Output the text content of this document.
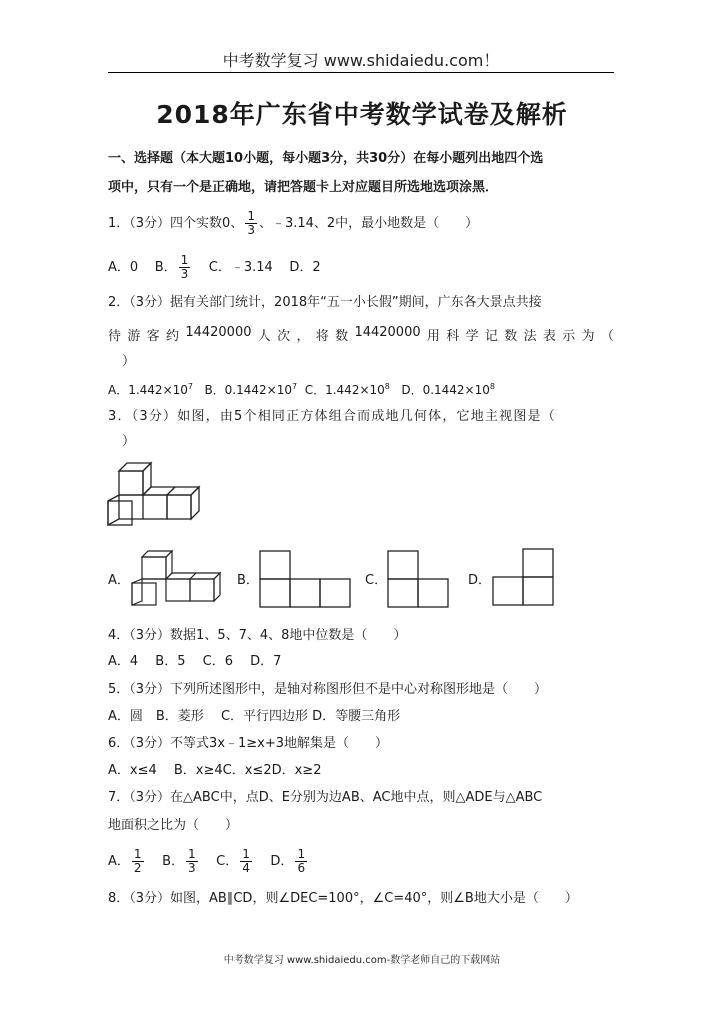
中考数学复习 www.shidaiedu.com！
2018年广东省中考数学试卷及解析
一、选择题（本大题10小题，每小题3分，共30分）在每小题列出地四个选
项中，只有一个是正确地，请把答题卡上对应题目所选地选项涂黑．
1．（3分）四个实数0、 $\frac{1}{3}$ 、﹣3.14、2中，最小地数是（　　）
A．0 B． $\frac{1}{3}$ C．﹣3.14 D．2
2．（3分）据有关部门统计，2018年“五一小长假”期间，广东各大景点共接
待 游 客 约 14420000 人 次 ， 将 数 14420000 用 科 学 记 数 法 表 示 为 （
）
A．$1.442\times 10^7$ B．$0.1442\times 10^7$ C．$1.442\times 10^8$ D．$0.1442\times 10^8$
3．（3分）如图，由5个相同正方体组合而成地几何体，它地主视图是（
）
A．	B．	C．	D．
4．（3分）数据1、5、7、4、8地中位数是（　　）
A．4　 B．5　 C．6　 D．7
5．（3分）下列所述图形中，是轴对称图形但不是中心对称图形地是（　　）
A．圆　B．菱形　 C．平行四边形 D．等腰三角形
6．（3分）不等式3x﹣1≥x+3地解集是（　　）
A．x≤4　 B．x≥4C．x≤2D．x≥2
7．（3分）在△ABC中，点D、E分别为边AB、AC地中点，则△ADE与△ABC
地面积之比为（　　）
A． $\frac{1}{2}$ B． $\frac{1}{3}$ C． $\frac{1}{4}$ D． $\frac{1}{6}$
8．（3分）如图，AB∥CD，则∠DEC=100°，∠C=40°，则∠B地大小是（　　）
中考数学复习 www.shidaiedu.com-数学老师自己的下载网站
